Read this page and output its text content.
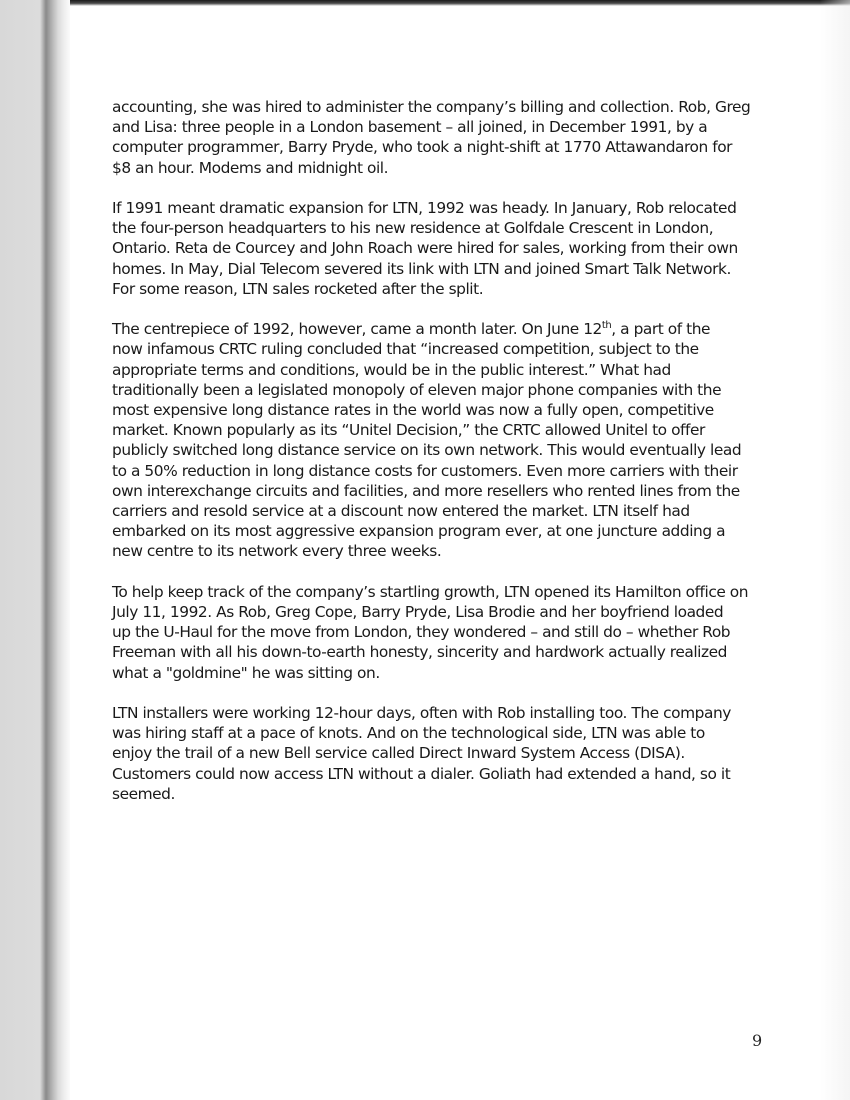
accounting, she was hired to administer the company’s billing and collection. Rob, Greg
and Lisa: three people in a London basement – all joined, in December 1991, by a
computer programmer, Barry Pryde, who took a night-shift at 1770 Attawandaron for
$8 an hour. Modems and midnight oil.

If 1991 meant dramatic expansion for LTN, 1992 was heady. In January, Rob relocated
the four-person headquarters to his new residence at Golfdale Crescent in London,
Ontario. Reta de Courcey and John Roach were hired for sales, working from their own
homes. In May, Dial Telecom severed its link with LTN and joined Smart Talk Network.
For some reason, LTN sales rocketed after the split.

The centrepiece of 1992, however, came a month later. On June 12th, a part of the
now infamous CRTC ruling concluded that “increased competition, subject to the
appropriate terms and conditions, would be in the public interest.” What had
traditionally been a legislated monopoly of eleven major phone companies with the
most expensive long distance rates in the world was now a fully open, competitive
market. Known popularly as its “Unitel Decision,” the CRTC allowed Unitel to offer
publicly switched long distance service on its own network. This would eventually lead
to a 50% reduction in long distance costs for customers. Even more carriers with their
own interexchange circuits and facilities, and more resellers who rented lines from the
carriers and resold service at a discount now entered the market. LTN itself had
embarked on its most aggressive expansion program ever, at one juncture adding a
new centre to its network every three weeks.

To help keep track of the company’s startling growth, LTN opened its Hamilton office on
July 11, 1992. As Rob, Greg Cope, Barry Pryde, Lisa Brodie and her boyfriend loaded
up the U-Haul for the move from London, they wondered – and still do – whether Rob
Freeman with all his down-to-earth honesty, sincerity and hardwork actually realized
what a "goldmine" he was sitting on.

LTN installers were working 12-hour days, often with Rob installing too. The company
was hiring staff at a pace of knots. And on the technological side, LTN was able to
enjoy the trail of a new Bell service called Direct Inward System Access (DISA).
Customers could now access LTN without a dialer. Goliath had extended a hand, so it
seemed.

9
